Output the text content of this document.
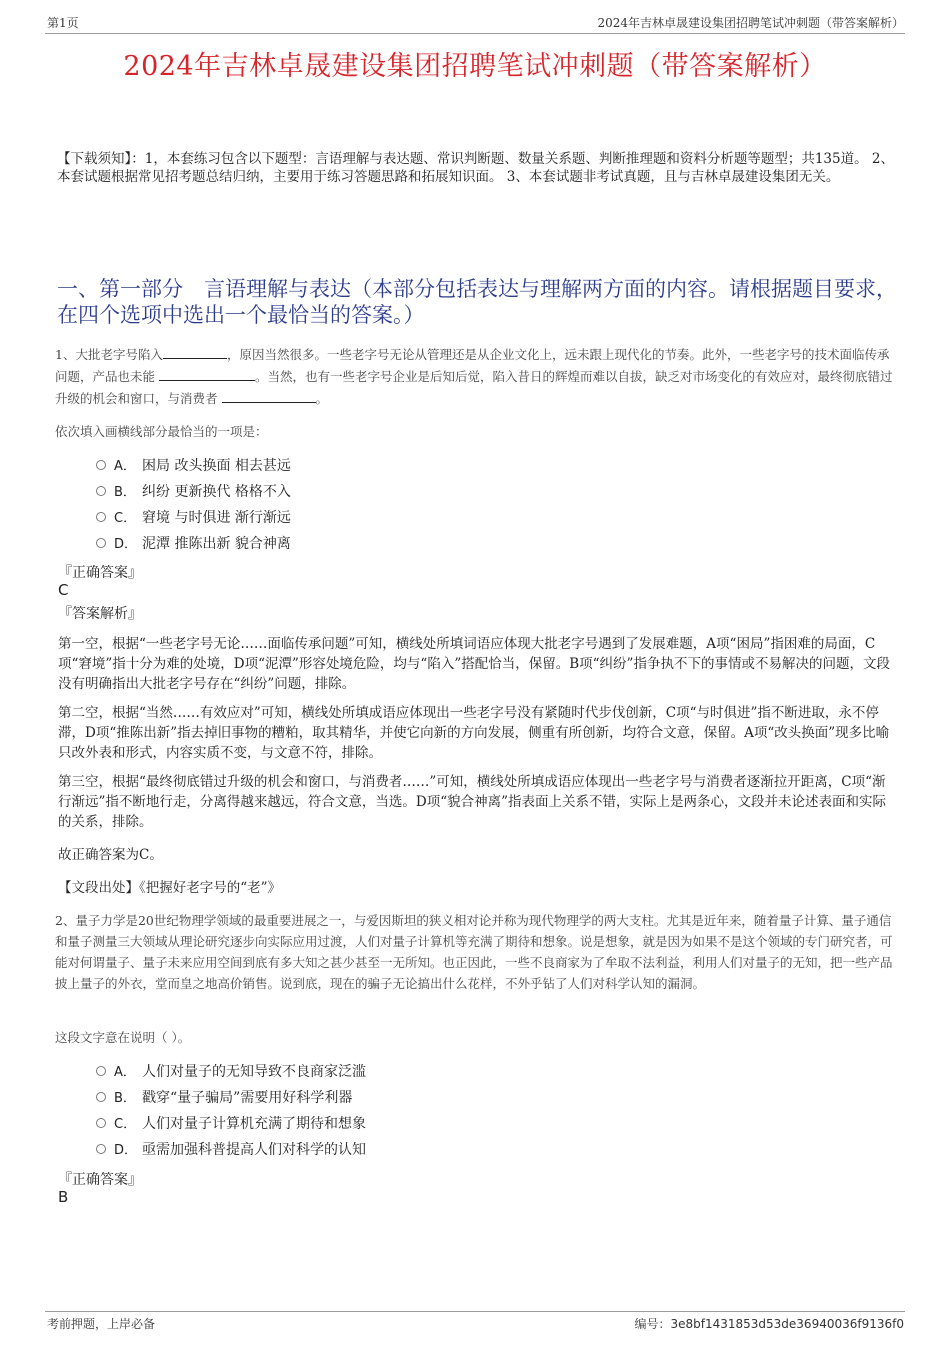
第1页	2024年吉林卓晟建设集团招聘笔试冲刺题（带答案解析）
2024年吉林卓晟建设集团招聘笔试冲刺题（带答案解析）
【下载须知】：1，本套练习包含以下题型：言语理解与表达题、常识判断题、数量关系题、判断推理题和资料分析题等题型；共135道。 2、本套试题根据常见招考题总结归纳，主要用于练习答题思路和拓展知识面。 3、本套试题非考试真题，且与吉林卓晟建设集团无关。
一、第一部分　言语理解与表达（本部分包括表达与理解两方面的内容。请根据题目要求，在四个选项中选出一个最恰当的答案。）
1、大批老字号陷入	，原因当然很多。一些老字号无论从管理还是从企业文化上，远未跟上现代化的节奏。此外，一些老字号的技术面临传承问题，产品也未能	。当然，也有一些老字号企业是后知后觉，陷入昔日的辉煌而难以自拔，缺乏对市场变化的有效应对，最终彻底错过升级的机会和窗口，与消费者	。
依次填入画横线部分最恰当的一项是：
A． 困局 改头换面 相去甚远
B． 纠纷 更新换代 格格不入
C． 窘境 与时俱进 渐行渐远
D． 泥潭 推陈出新 貌合神离
『正确答案』
C
『答案解析』
第一空，根据“一些老字号无论……面临传承问题”可知，横线处所填词语应体现大批老字号遇到了发展难题，A项“困局”指困难的局面，C项“窘境”指十分为难的处境，D项“泥潭”形容处境危险，均与“陷入”搭配恰当，保留。B项“纠纷”指争执不下的事情或不易解决的问题，文段没有明确指出大批老字号存在“纠纷”问题，排除。
第二空，根据“当然……有效应对”可知，横线处所填成语应体现出一些老字号没有紧随时代步伐创新，C项“与时俱进”指不断进取，永不停滞，D项“推陈出新”指去掉旧事物的糟粕，取其精华，并使它向新的方向发展，侧重有所创新，均符合文意，保留。A项“改头换面”现多比喻只改外表和形式，内容实质不变，与文意不符，排除。
第三空，根据“最终彻底错过升级的机会和窗口，与消费者……”可知，横线处所填成语应体现出一些老字号与消费者逐渐拉开距离，C项“渐行渐远”指不断地行走，分离得越来越远，符合文意，当选。D项“貌合神离”指表面上关系不错，实际上是两条心，文段并未论述表面和实际的关系，排除。
故正确答案为C。
【文段出处】《把握好老字号的“老”》
2、量子力学是20世纪物理学领域的最重要进展之一，与爱因斯坦的狭义相对论并称为现代物理学的两大支柱。尤其是近年来，随着量子计算、量子通信和量子测量三大领域从理论研究逐步向实际应用过渡，人们对量子计算机等充满了期待和想象。说是想象，就是因为如果不是这个领域的专门研究者，可能对何谓量子、量子未来应用空间到底有多大知之甚少甚至一无所知。也正因此，一些不良商家为了牟取不法利益，利用人们对量子的无知，把一些产品披上量子的外衣，堂而皇之地高价销售。说到底，现在的骗子无论搞出什么花样，不外乎钻了人们对科学认知的漏洞。
这段文字意在说明（ ）。
A． 人们对量子的无知导致不良商家泛滥
B． 戳穿“量子骗局”需要用好科学利器
C． 人们对量子计算机充满了期待和想象
D． 亟需加强科普提高人们对科学的认知
『正确答案』
B
考前押题，上岸必备	编号：3e8bf1431853d53de36940036f9136f0
